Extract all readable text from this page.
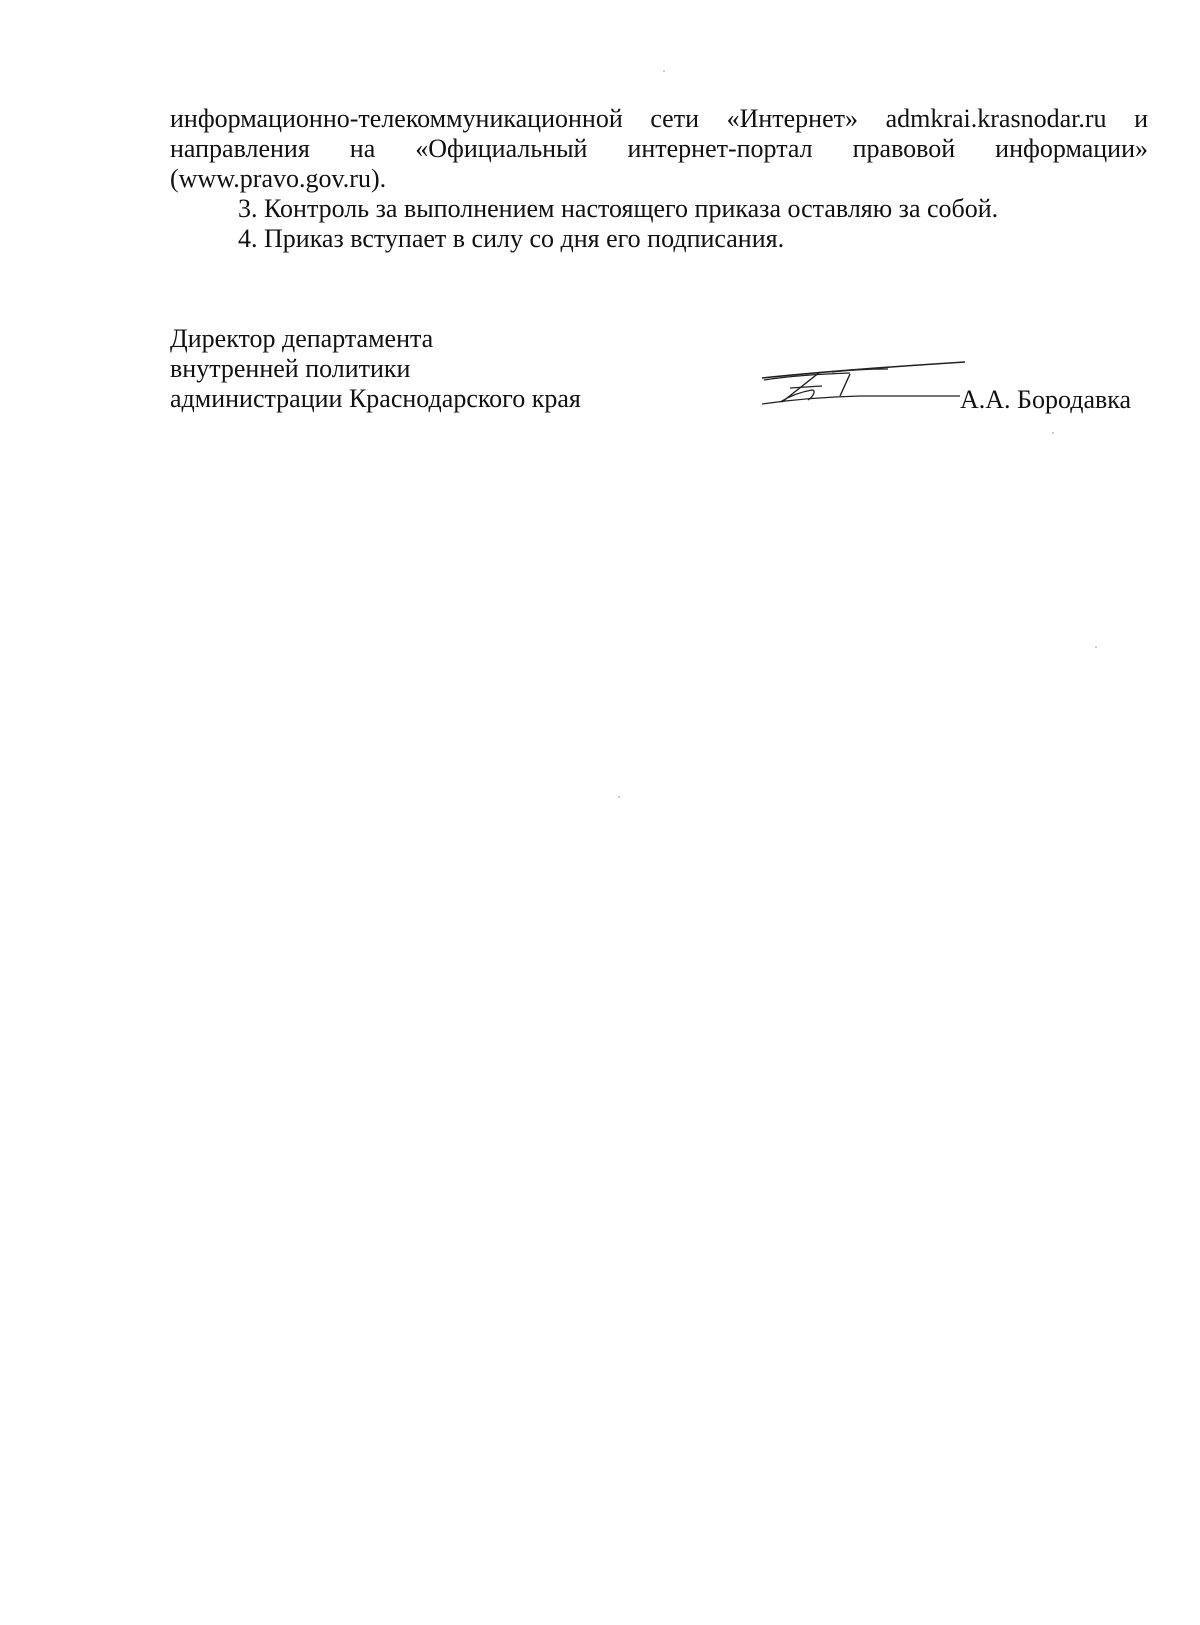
информационно-телекоммуникационной сети «Интернет» admkrai.krasnodar.ru и
направления на «Официальный интернет-портал правовой информации»
(www.pravo.gov.ru).
3. Контроль за выполнением настоящего приказа оставляю за собой.
4. Приказ вступает в силу со дня его подписания.
Директор департамента
внутренней политики
администрации Краснодарского края	А.А. Бородавка
